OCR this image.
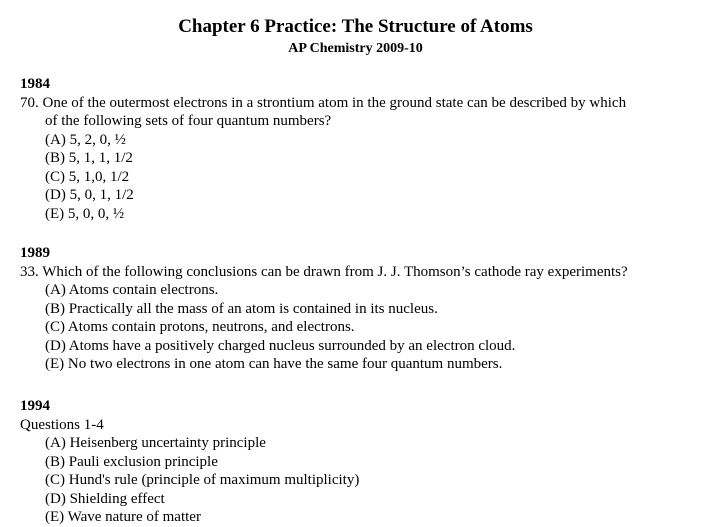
Chapter 6 Practice: The Structure of Atoms
AP Chemistry 2009-10
1984
70. One of the outermost electrons in a strontium atom in the ground state can be described by which
of the following sets of four quantum numbers?
(A) 5, 2, 0, ½
(B) 5, 1, 1, 1/2
(C) 5, 1,0, 1/2
(D) 5, 0, 1, 1/2
(E) 5, 0, 0, ½
1989
33. Which of the following conclusions can be drawn from J. J. Thomson’s cathode ray experiments?
(A) Atoms contain electrons.
(B) Practically all the mass of an atom is contained in its nucleus.
(C) Atoms contain protons, neutrons, and electrons.
(D) Atoms have a positively charged nucleus surrounded by an electron cloud.
(E) No two electrons in one atom can have the same four quantum numbers.
1994
Questions 1-4
(A) Heisenberg uncertainty principle
(B) Pauli exclusion principle
(C) Hund's rule (principle of maximum multiplicity)
(D) Shielding effect
(E) Wave nature of matter
